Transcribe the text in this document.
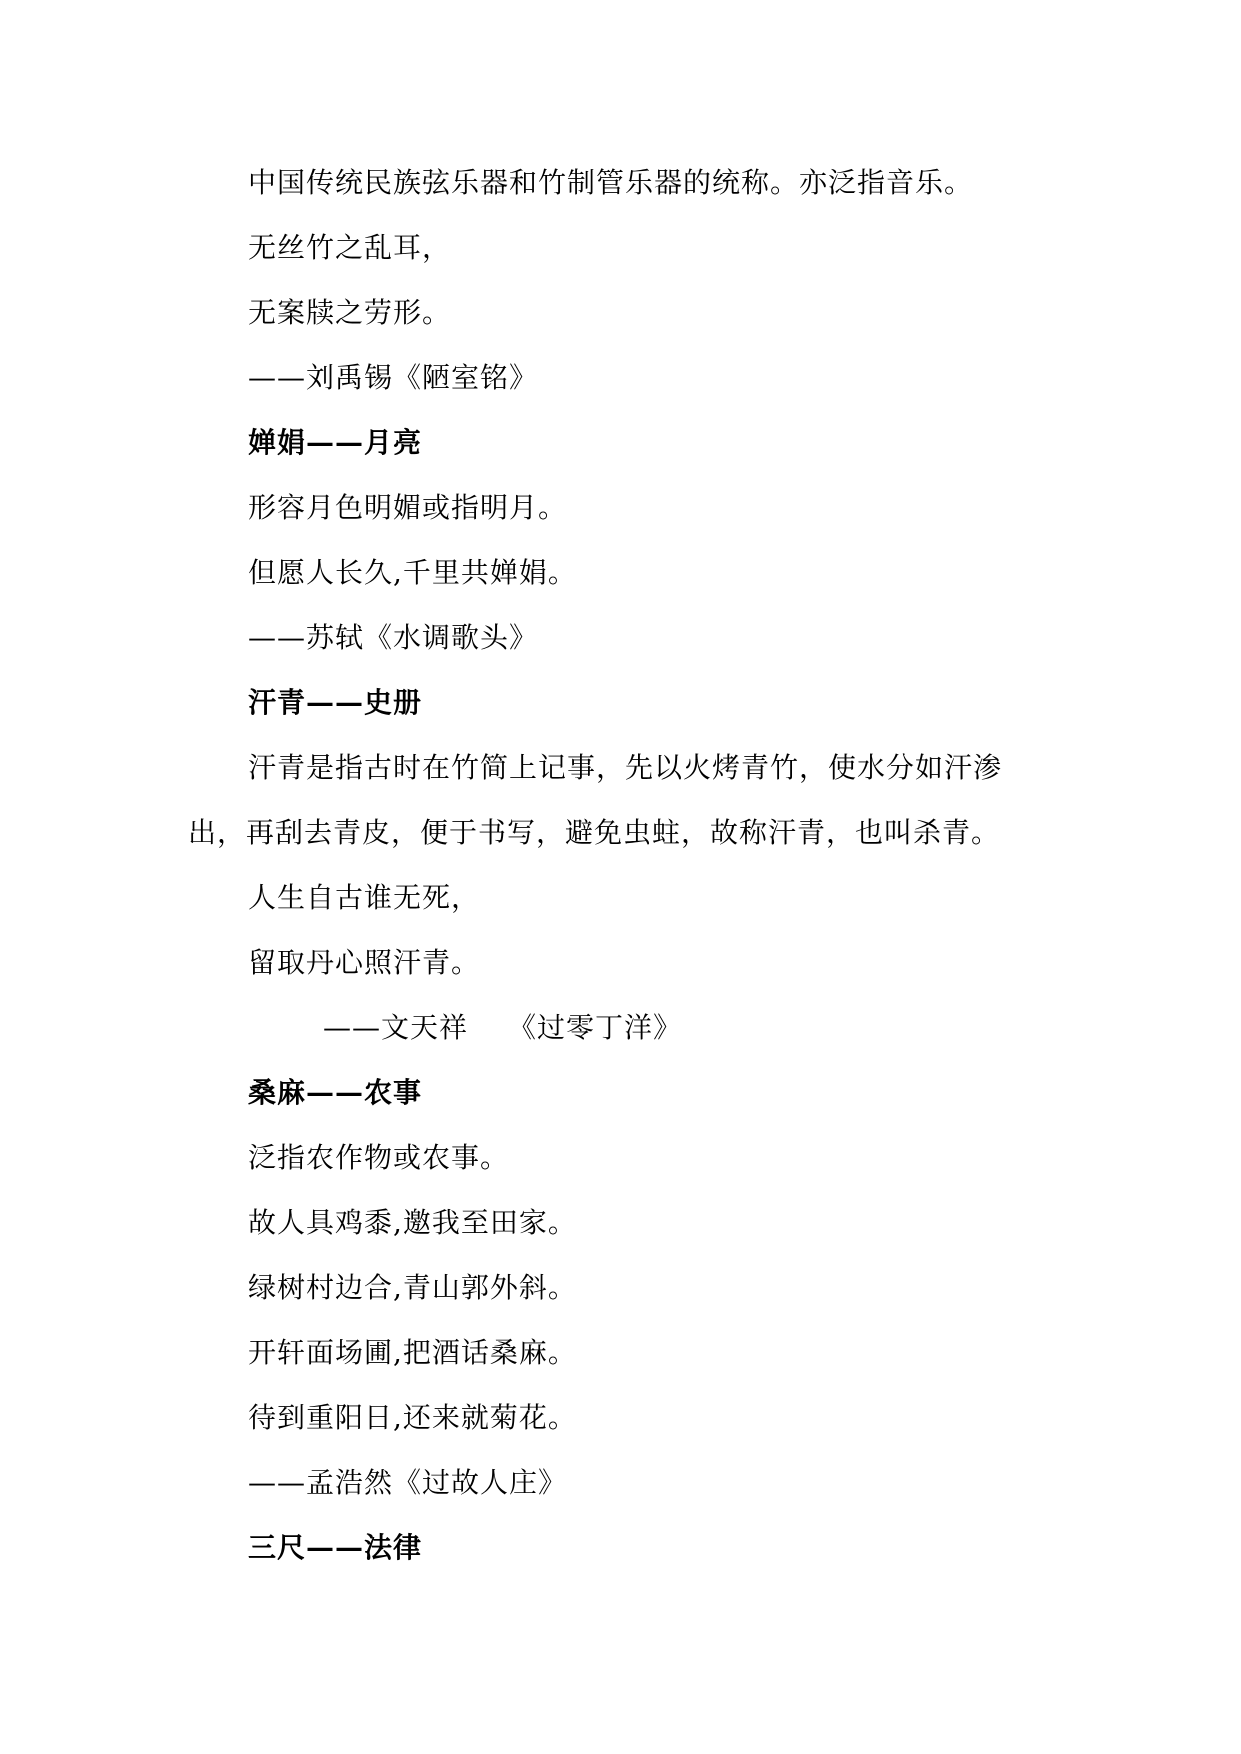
中国传统民族弦乐器和竹制管乐器的统称。亦泛指音乐。
无丝竹之乱耳，
无案牍之劳形。
——刘禹锡《陋室铭》
婵娟——月亮
形容月色明媚或指明月。
但愿人长久,千里共婵娟。
——苏轼《水调歌头》
汗青——史册
汗青是指古时在竹简上记事，先以火烤青竹，使水分如汗渗
出，再刮去青皮，便于书写，避免虫蛀，故称汗青，也叫杀青。
人生自古谁无死，
留取丹心照汗青。
——文天祥 《过零丁洋》
桑麻——农事
泛指农作物或农事。
故人具鸡黍,邀我至田家。
绿树村边合,青山郭外斜。
开轩面场圃,把酒话桑麻。
待到重阳日,还来就菊花。
——孟浩然《过故人庄》
三尺——法律
